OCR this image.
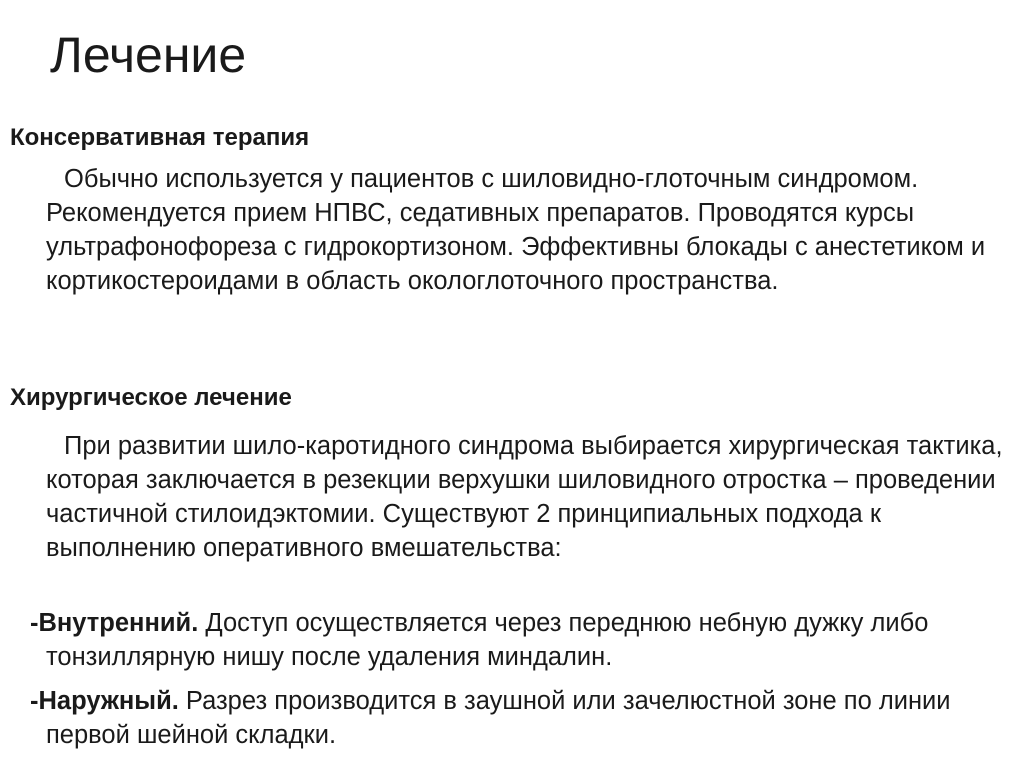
Лечение
Консервативная терапия

Обычно используется у пациентов с шиловидно-глоточным синдромом. Рекомендуется прием НПВС, седативных препаратов. Проводятся курсы ультрафонофореза с гидрокортизоном. Эффективны блокады с анестетиком и кортикостероидами в область окологлоточного пространства.

Хирургическое лечение

При развитии шило-каротидного синдрома выбирается хирургическая тактика, которая заключается в резекции верхушки шиловидного отростка – проведении частичной стилоидэктомии. Существуют 2 принципиальных подхода к выполнению оперативного вмешательства:

-Внутренний. Доступ осуществляется через переднюю небную дужку либо тонзиллярную нишу после удаления миндалин.

-Наружный. Разрез производится в заушной или зачелюстной зоне по линии первой шейной складки.
